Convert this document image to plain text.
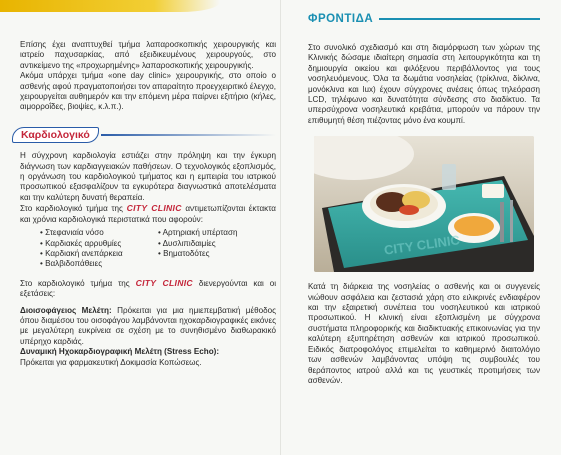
Επίσης έχει αναπτυχθεί τμήμα λαπαροσκοπικής χειρουργικής και ιατρείο παχυσαρκίας, από εξειδικευμένους χειρουργούς, στο αντικείμενο της «προχωρημένης» λαπαροσκοπικής χειρουργικής.

Ακόμα υπάρχει τμήμα «one day clinic» χειρουργικής, στο οποίο ο ασθενής αφού πραγματοποιήσει τον απαραίτητο προεγχειριτικό έλεγχο, χειρουργείται αυθημερόν και την επόμενη μέρα παίρνει εξιτήριο (κήλες, αιμορροΐδες, βιοψίες, κ.λ.π.).

Καρδιολογικό

Η σύγχρονη καρδιολογία εστιάζει στην πρόληψη και την έγκυρη διάγνωση των καρδιαγγειακών παθήσεων. Ο τεχνολογικός εξοπλισμός, η οργάνωση του καρδιολογικού τμήματος και η εμπειρία του ιατρικού προσωπικού εξασφαλίζουν τα εγκυρότερα διαγνωστικά αποτελέσματα και την καλύτερη δυνατή θεραπεία.

Στο καρδιολογικό τμήμα της CITY CLINIC αντιμετωπίζονται έκτακτα και χρόνια καρδιολογικά περιστατικά που αφορούν:

• Στεφανιαία νόσο	• Αρτηριακή υπέρταση
• Καρδιακές αρρυθμίες	• Δυσλιπιδαιμίες
• Καρδιακή ανεπάρκεια	• Βηματοδότες
• Βαλβιδοπάθειες

Στο καρδιολογικό τμήμα της CITY CLINIC διενεργούνται και οι εξετάσεις:

Διοισοφάγειος Μελέτη: Πρόκειται για μια ημιεπεμβατική μέθοδος όπου διαμέσου του οισοφάγου λαμβάνονται ηχοκαρδιογραφικές εικόνες με μεγαλύτερη ευκρίνεια σε σχέση με το συνηθισμένο διαθωρακικό υπέρηχο καρδιάς.

Δυναμική Ηχοκαρδιογραφική Μελέτη (Stress Echo):
Πρόκειται για φαρμακευτική Δοκιμασία Κοπώσεως.

ΦΡΟΝΤΙΔΑ

Στο συνολικό σχεδιασμό και στη διαμόρφωση των χώρων της Κλινικής δώσαμε ιδιαίτερη σημασία στη λειτουργικότητα και τη δημιουργία οικείου και φιλόξενου περιβάλλοντος για τους νοσηλευόμενους. Όλα τα δωμάτια νοσηλείας (τρίκλινα, δίκλινα, μονόκλινα και lux) έχουν σύγχρονες ανέσεις όπως τηλεόραση LCD, τηλέφωνο και δυνατότητα σύνδεσης στο διαδίκτυο. Τα υπερσύχρονα νοσηλευτικά κρεβάτια, μπορούν να πάρουν την επιθυμητή θέση πιέζοντας μόνο ένα κουμπί.

CITY CLINIC

Κατά τη διάρκεια της νοσηλείας ο ασθενής και οι συγγενείς νιώθουν ασφάλεια και ζεστασιά χάρη στο ειλικρινές ενδιαφέρον και την εξαιρετική συνέπεια του νοσηλευτικού και ιατρικού προσωπικού. Η κλινική είναι εξοπλισμένη με σύγχρονα συστήματα πληροφορικής και διαδικτυακής επικοινωνίας για την καλύτερη εξυπηρέτηση ασθενών και ιατρικού προσωπικού. Ειδικός διατροφολόγος επιμελείται το καθημερινό διαιτολόγιο των ασθενών λαμβάνοντας υπόψη τις συμβουλές του θεράποντος ιατρού αλλά και τις γευστικές προτιμήσεις των ασθενών.
